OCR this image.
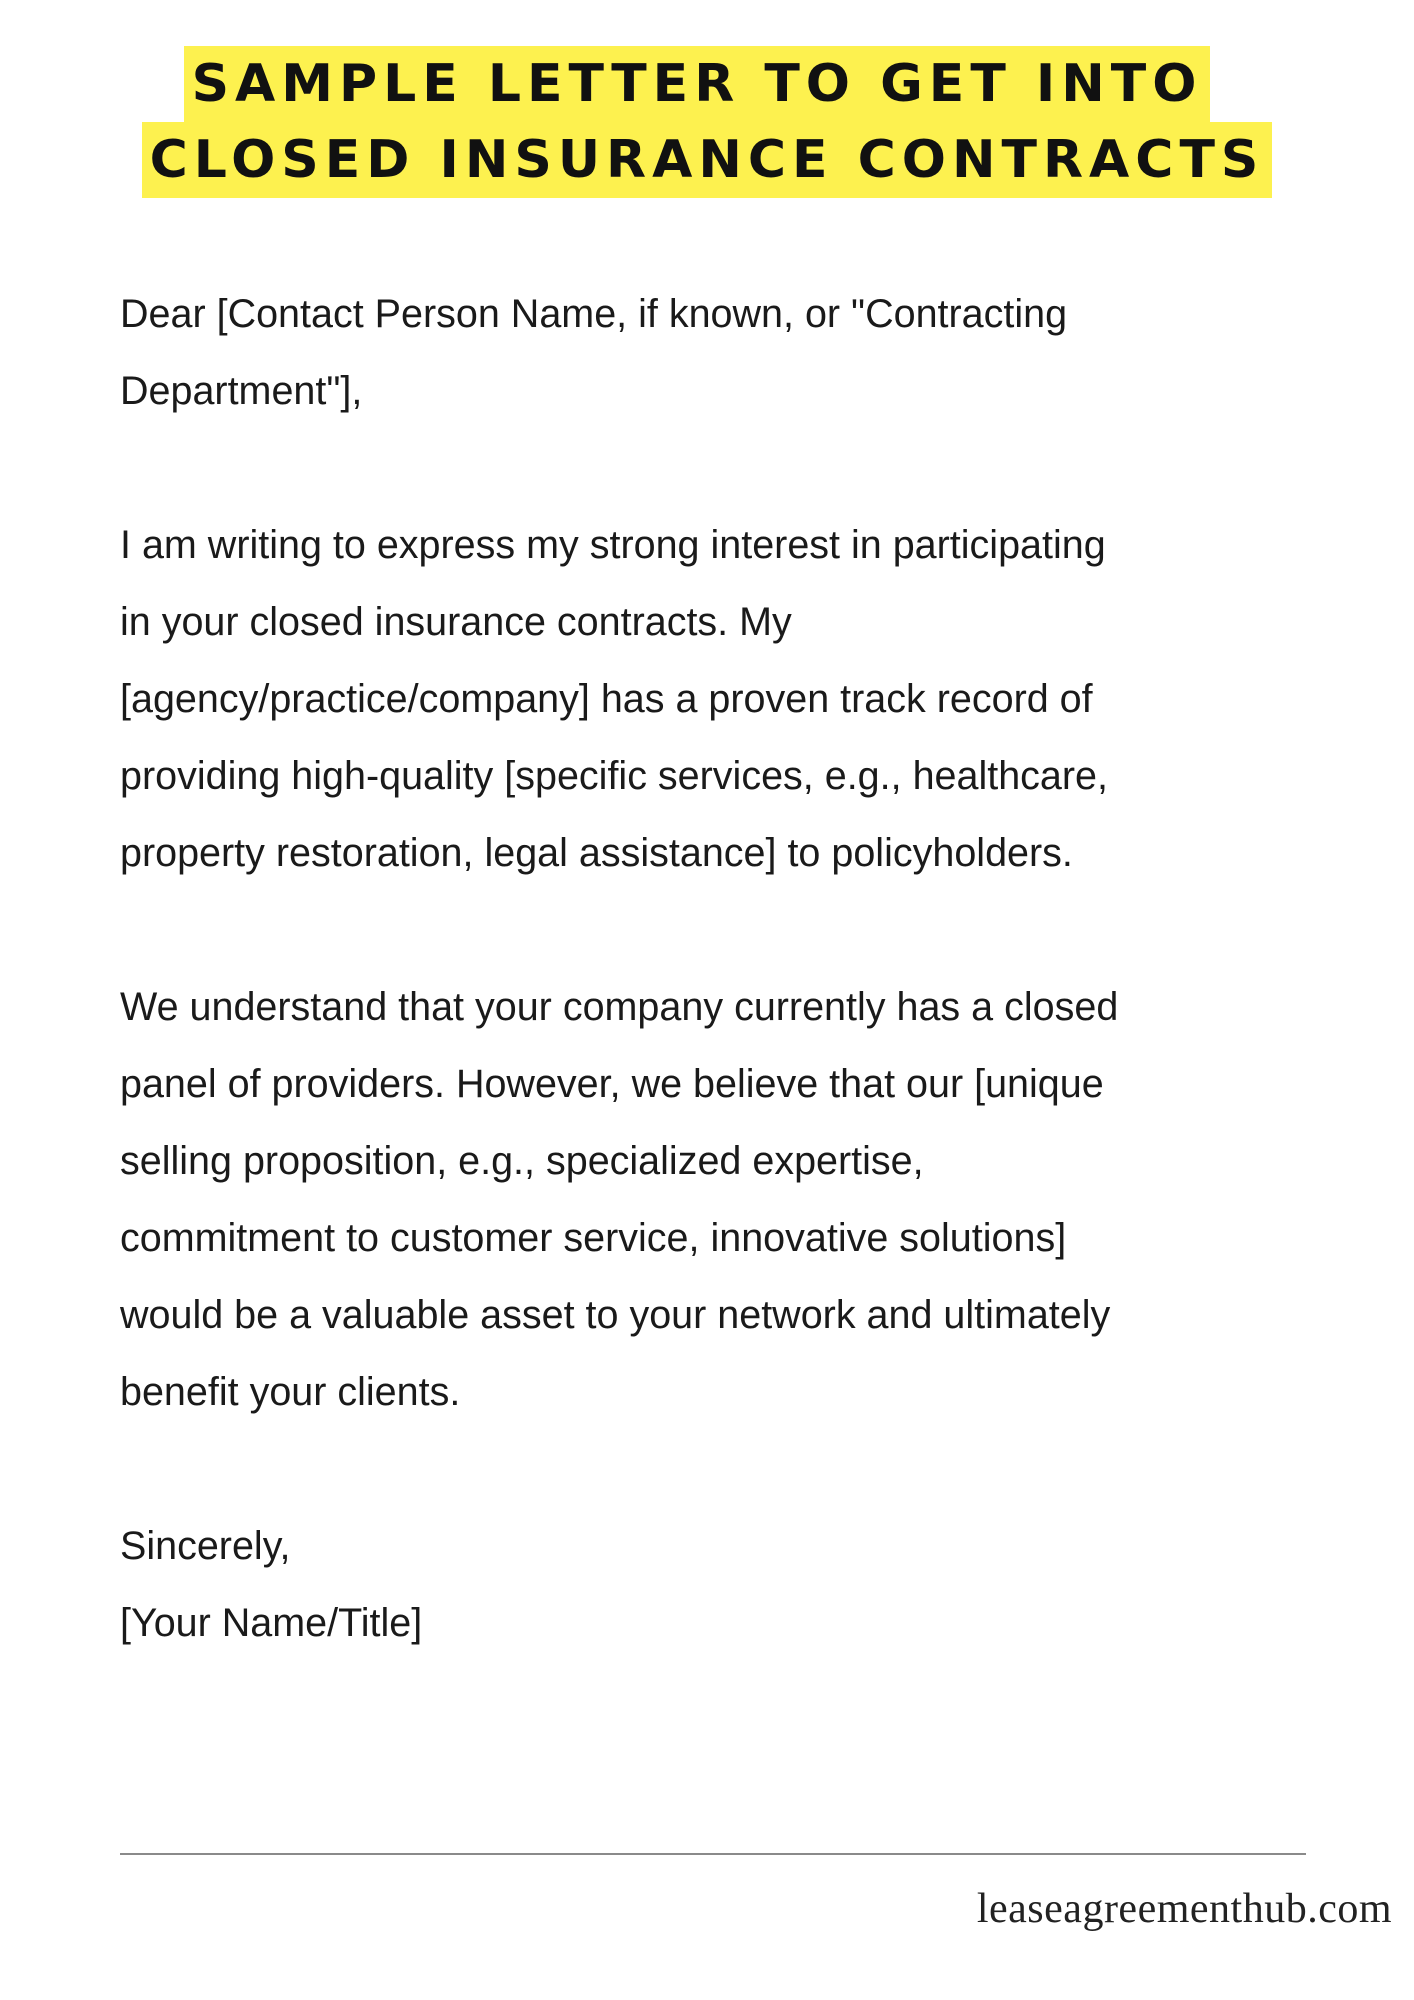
SAMPLE LETTER TO GET INTO
CLOSED INSURANCE CONTRACTS

Dear [Contact Person Name, if known, or "Contracting

Department"],

I am writing to express my strong interest in participating

in your closed insurance contracts. My

[agency/practice/company] has a proven track record of

providing high-quality [specific services, e.g., healthcare,

property restoration, legal assistance] to policyholders.

We understand that your company currently has a closed

panel of providers. However, we believe that our [unique

selling proposition, e.g., specialized expertise,

commitment to customer service, innovative solutions]

would be a valuable asset to your network and ultimately

benefit your clients.

Sincerely,

[Your Name/Title]

leaseagreementhub.com
